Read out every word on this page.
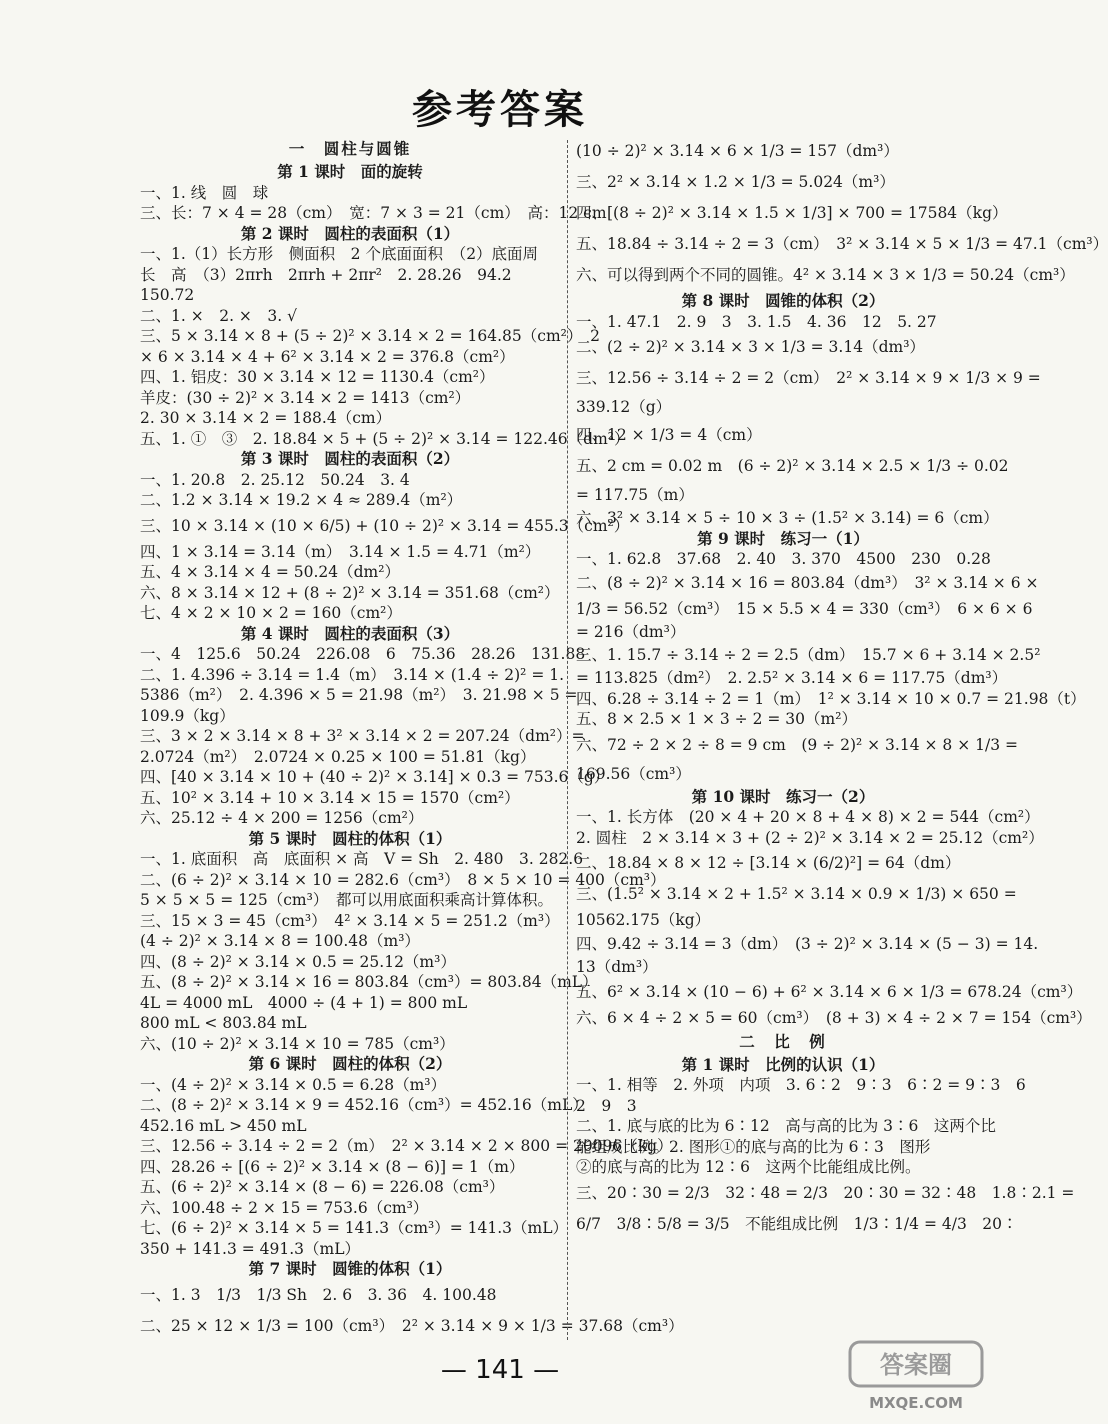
参考答案
一　圆柱与圆锥
第 1 课时　面的旋转
一、1. 线　圆　球
三、长：7 × 4 = 28（cm）　宽：7 × 3 = 21（cm）　高：12 cm
第 2 课时　圆柱的表面积（1）
一、1.（1）长方形　侧面积　2 个底面面积　（2）底面周
长　高　（3）2πrh　2πrh + 2πr²　2. 28.26　94.2
150.72
二、1. ×　2. ×　3. √
三、5 × 3.14 × 8 + (5 ÷ 2)² × 3.14 × 2 = 164.85（cm²）　2
× 6 × 3.14 × 4 + 6² × 3.14 × 2 = 376.8（cm²）
四、1. 铝皮：30 × 3.14 × 12 = 1130.4（cm²）
羊皮：(30 ÷ 2)² × 3.14 × 2 = 1413（cm²）
2. 30 × 3.14 × 2 = 188.4（cm）
五、1. ①　③　2. 18.84 × 5 + (5 ÷ 2)² × 3.14 = 122.46（dm²）
第 3 课时　圆柱的表面积（2）
一、1. 20.8　2. 25.12　50.24　3. 4
二、1.2 × 3.14 × 19.2 × 4 ≈ 289.4（m²）
三、10 × 3.14 × (10 × 6/5) + (10 ÷ 2)² × 3.14 = 455.3（cm²）
四、1 × 3.14 = 3.14（m）　3.14 × 1.5 = 4.71（m²）
五、4 × 3.14 × 4 = 50.24（dm²）
六、8 × 3.14 × 12 + (8 ÷ 2)² × 3.14 = 351.68（cm²）
七、4 × 2 × 10 × 2 = 160（cm²）
第 4 课时　圆柱的表面积（3）
一、4　125.6　50.24　226.08　6　75.36　28.26　131.88
二、1. 4.396 ÷ 3.14 = 1.4（m）　3.14 × (1.4 ÷ 2)² = 1.
5386（m²）　2. 4.396 × 5 = 21.98（m²）　3. 21.98 × 5 =
109.9（kg）
三、3 × 2 × 3.14 × 8 + 3² × 3.14 × 2 = 207.24（dm²）=
2.0724（m²）　2.0724 × 0.25 × 100 = 51.81（kg）
四、[40 × 3.14 × 10 + (40 ÷ 2)² × 3.14] × 0.3 = 753.6（g）
五、10² × 3.14 + 10 × 3.14 × 15 = 1570（cm²）
六、25.12 ÷ 4 × 200 = 1256（cm²）
第 5 课时　圆柱的体积（1）
一、1. 底面积　高　底面积 × 高　V = Sh　2. 480　3. 282.6
二、(6 ÷ 2)² × 3.14 × 10 = 282.6（cm³）　8 × 5 × 10 = 400（cm³）
5 × 5 × 5 = 125（cm³）　都可以用底面积乘高计算体积。
三、15 × 3 = 45（cm³）　4² × 3.14 × 5 = 251.2（m³）
(4 ÷ 2)² × 3.14 × 8 = 100.48（m³）
四、(8 ÷ 2)² × 3.14 × 0.5 = 25.12（m³）
五、(8 ÷ 2)² × 3.14 × 16 = 803.84（cm³）= 803.84（mL）
4L = 4000 mL　4000 ÷ (4 + 1) = 800 mL
800 mL < 803.84 mL
六、(10 ÷ 2)² × 3.14 × 10 = 785（cm³）
第 6 课时　圆柱的体积（2）
一、(4 ÷ 2)² × 3.14 × 0.5 = 6.28（m³）
二、(8 ÷ 2)² × 3.14 × 9 = 452.16（cm³）= 452.16（mL）
452.16 mL > 450 mL
三、12.56 ÷ 3.14 ÷ 2 = 2（m）　2² × 3.14 × 2 × 800 = 20096（kg）
四、28.26 ÷ [(6 ÷ 2)² × 3.14 × (8 − 6)] = 1（m）
五、(6 ÷ 2)² × 3.14 × (8 − 6) = 226.08（cm³）
六、100.48 ÷ 2 × 15 = 753.6（cm³）
七、(6 ÷ 2)² × 3.14 × 5 = 141.3（cm³）= 141.3（mL）
350 + 141.3 = 491.3（mL）
第 7 课时　圆锥的体积（1）
一、1. 3　1/3　1/3 Sh　2. 6　3. 36　4. 100.48
二、25 × 12 × 1/3 = 100（cm³）　2² × 3.14 × 9 × 1/3 = 37.68（cm³）
(10 ÷ 2)² × 3.14 × 6 × 1/3 = 157（dm³）
三、2² × 3.14 × 1.2 × 1/3 = 5.024（m³）
四、[(8 ÷ 2)² × 3.14 × 1.5 × 1/3] × 700 = 17584（kg）
五、18.84 ÷ 3.14 ÷ 2 = 3（cm）　3² × 3.14 × 5 × 1/3 = 47.1（cm³）
六、可以得到两个不同的圆锥。4² × 3.14 × 3 × 1/3 = 50.24（cm³）
第 8 课时　圆锥的体积（2）
一、1. 47.1　2. 9　3　3. 1.5　4. 36　12　5. 27
二、(2 ÷ 2)² × 3.14 × 3 × 1/3 = 3.14（dm³）
三、12.56 ÷ 3.14 ÷ 2 = 2（cm）　2² × 3.14 × 9 × 1/3 × 9 =
339.12（g）
四、12 × 1/3 = 4（cm）
五、2 cm = 0.02 m　(6 ÷ 2)² × 3.14 × 2.5 × 1/3 ÷ 0.02
= 117.75（m）
六、3² × 3.14 × 5 ÷ 10 × 3 ÷ (1.5² × 3.14) = 6（cm）
第 9 课时　练习一（1）
一、1. 62.8　37.68　2. 40　3. 370　4500　230　0.28
二、(8 ÷ 2)² × 3.14 × 16 = 803.84（dm³）　3² × 3.14 × 6 ×
1/3 = 56.52（cm³）　15 × 5.5 × 4 = 330（cm³）　6 × 6 × 6
= 216（dm³）
三、1. 15.7 ÷ 3.14 ÷ 2 = 2.5（dm）　15.7 × 6 + 3.14 × 2.5²
= 113.825（dm²）　2. 2.5² × 3.14 × 6 = 117.75（dm³）
四、6.28 ÷ 3.14 ÷ 2 = 1（m）　1² × 3.14 × 10 × 0.7 = 21.98（t）
五、8 × 2.5 × 1 × 3 ÷ 2 = 30（m²）
六、72 ÷ 2 × 2 ÷ 8 = 9 cm　(9 ÷ 2)² × 3.14 × 8 × 1/3 =
169.56（cm³）
第 10 课时　练习一（2）
一、1. 长方体　(20 × 4 + 20 × 8 + 4 × 8) × 2 = 544（cm²）
2. 圆柱　2 × 3.14 × 3 + (2 ÷ 2)² × 3.14 × 2 = 25.12（cm²）
二、18.84 × 8 × 12 ÷ [3.14 × (6/2)²] = 64（dm）
三、(1.5² × 3.14 × 2 + 1.5² × 3.14 × 0.9 × 1/3) × 650 =
10562.175（kg）
四、9.42 ÷ 3.14 = 3（dm）　(3 ÷ 2)² × 3.14 × (5 − 3) = 14.
13（dm³）
五、6² × 3.14 × (10 − 6) + 6² × 3.14 × 6 × 1/3 = 678.24（cm³）
六、6 × 4 ÷ 2 × 5 = 60（cm³）　(8 + 3) × 4 ÷ 2 × 7 = 154（cm³）
二　比　例
第 1 课时　比例的认识（1）
一、1. 相等　2. 外项　内项　3. 6∶2　9∶3　6∶2 = 9∶3　6
2　9　3
二、1. 底与底的比为 6∶12　高与高的比为 3∶6　这两个比
能组成比例。2. 图形①的底与高的比为 6∶3　图形
②的底与高的比为 12∶6　这两个比能组成比例。
三、20∶30 = 2/3　32∶48 = 2/3　20∶30 = 32∶48　1.8∶2.1 =
6/7　3/8∶5/8 = 3/5　不能组成比例　1/3∶1/4 = 4/3　20∶
— 141 —	答案圈
MXQE.COM
